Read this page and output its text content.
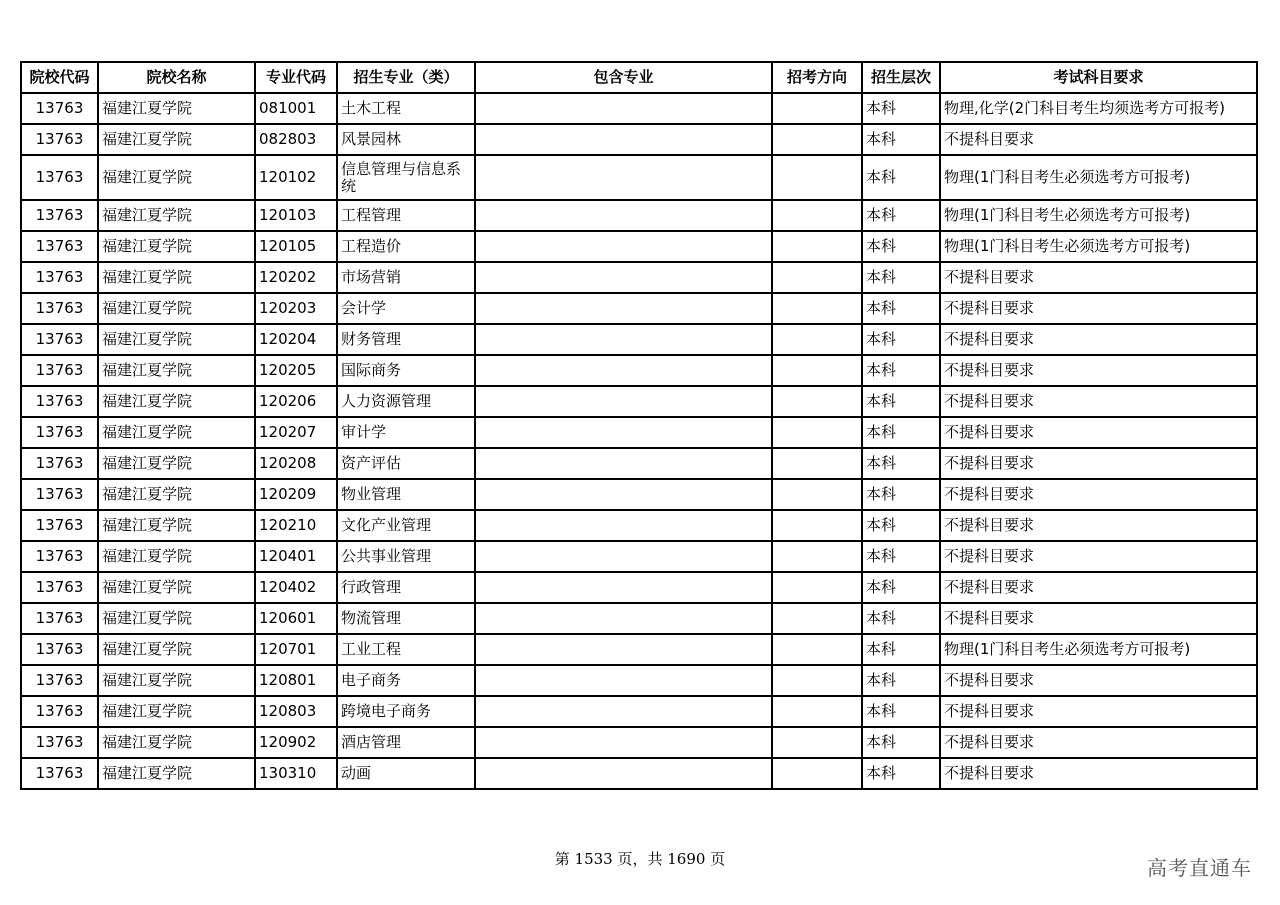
院校代码	院校名称	专业代码	招生专业（类）	包含专业	招考方向	招生层次	考试科目要求
13763	福建江夏学院	081001	土木工程			本科	物理,化学(2门科目考生均须选考方可报考)
13763	福建江夏学院	082803	风景园林			本科	不提科目要求
13763	福建江夏学院	120102	信息管理与信息系统			本科	物理(1门科目考生必须选考方可报考)
13763	福建江夏学院	120103	工程管理			本科	物理(1门科目考生必须选考方可报考)
13763	福建江夏学院	120105	工程造价			本科	物理(1门科目考生必须选考方可报考)
13763	福建江夏学院	120202	市场营销			本科	不提科目要求
13763	福建江夏学院	120203	会计学			本科	不提科目要求
13763	福建江夏学院	120204	财务管理			本科	不提科目要求
13763	福建江夏学院	120205	国际商务			本科	不提科目要求
13763	福建江夏学院	120206	人力资源管理			本科	不提科目要求
13763	福建江夏学院	120207	审计学			本科	不提科目要求
13763	福建江夏学院	120208	资产评估			本科	不提科目要求
13763	福建江夏学院	120209	物业管理			本科	不提科目要求
13763	福建江夏学院	120210	文化产业管理			本科	不提科目要求
13763	福建江夏学院	120401	公共事业管理			本科	不提科目要求
13763	福建江夏学院	120402	行政管理			本科	不提科目要求
13763	福建江夏学院	120601	物流管理			本科	不提科目要求
13763	福建江夏学院	120701	工业工程			本科	物理(1门科目考生必须选考方可报考)
13763	福建江夏学院	120801	电子商务			本科	不提科目要求
13763	福建江夏学院	120803	跨境电子商务			本科	不提科目要求
13763	福建江夏学院	120902	酒店管理			本科	不提科目要求
13763	福建江夏学院	130310	动画			本科	不提科目要求
第 1533 页，共 1690 页	高考直通车
